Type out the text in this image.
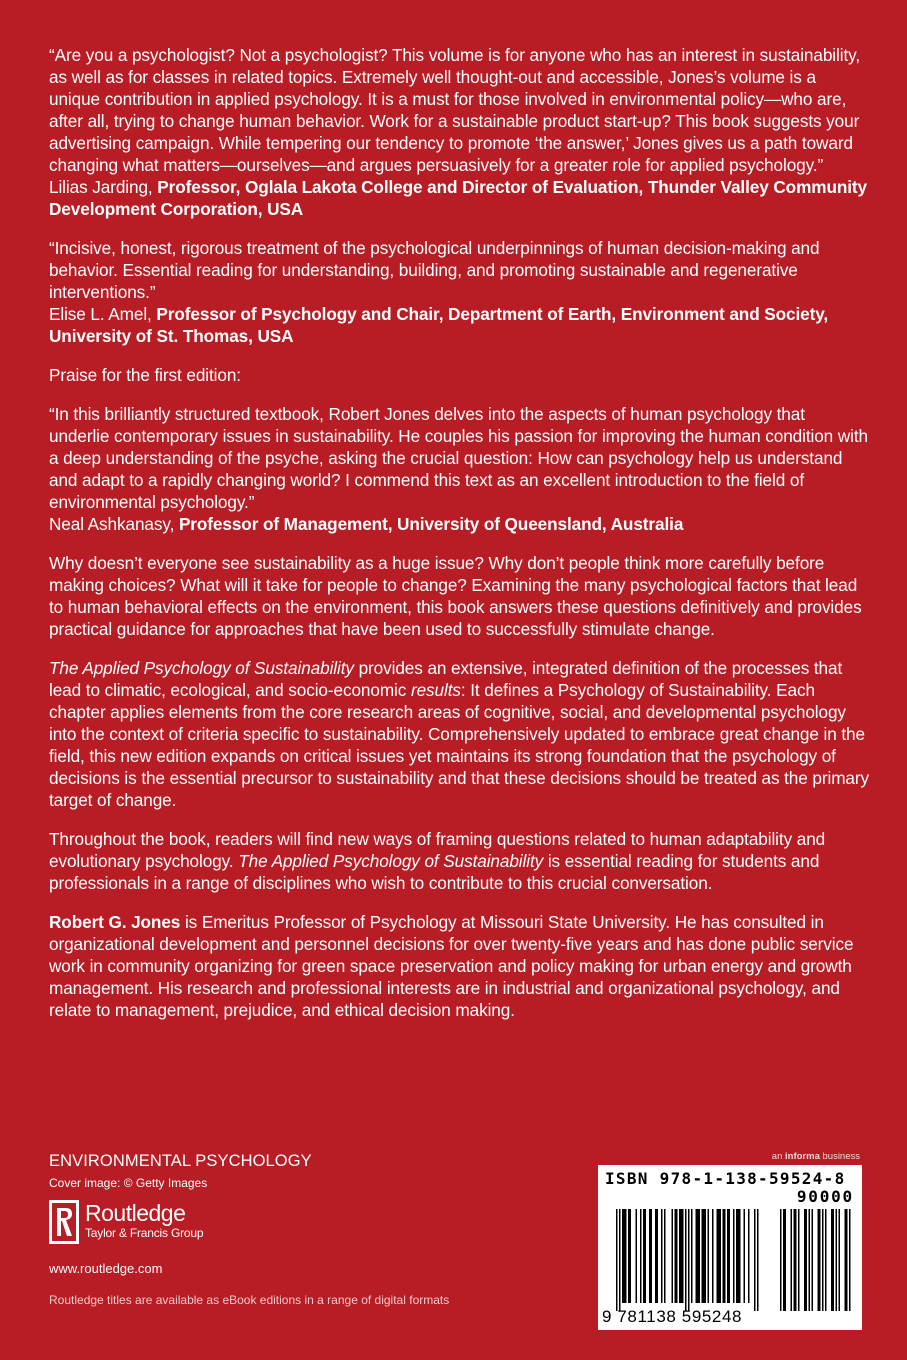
“Are you a psychologist? Not a psychologist? This volume is for anyone who has an interest in sustainability, as well as for classes in related topics. Extremely well thought-out and accessible, Jones’s volume is a unique contribution in applied psychology. It is a must for those involved in environmental policy—who are, after all, trying to change human behavior. Work for a sustainable product start-up? This book suggests your advertising campaign. While tempering our tendency to promote ‘the answer,’ Jones gives us a path toward changing what matters—ourselves—and argues persuasively for a greater role for applied psychology.”
Lilias Jarding, Professor, Oglala Lakota College and Director of Evaluation, Thunder Valley Community Development Corporation, USA

“Incisive, honest, rigorous treatment of the psychological underpinnings of human decision-making and behavior. Essential reading for understanding, building, and promoting sustainable and regenerative interventions.”
Elise L. Amel, Professor of Psychology and Chair, Department of Earth, Environment and Society, University of St. Thomas, USA

Praise for the first edition:

“In this brilliantly structured textbook, Robert Jones delves into the aspects of human psychology that underlie contemporary issues in sustainability. He couples his passion for improving the human condition with a deep understanding of the psyche, asking the crucial question: How can psychology help us understand and adapt to a rapidly changing world? I commend this text as an excellent introduction to the field of environmental psychology.”
Neal Ashkanasy, Professor of Management, University of Queensland, Australia

Why doesn’t everyone see sustainability as a huge issue? Why don’t people think more carefully before making choices? What will it take for people to change? Examining the many psychological factors that lead to human behavioral effects on the environment, this book answers these questions definitively and provides practical guidance for approaches that have been used to successfully stimulate change.

The Applied Psychology of Sustainability provides an extensive, integrated definition of the processes that lead to climatic, ecological, and socio-economic results: It defines a Psychology of Sustainability. Each chapter applies elements from the core research areas of cognitive, social, and developmental psychology into the context of criteria specific to sustainability. Comprehensively updated to embrace great change in the field, this new edition expands on critical issues yet maintains its strong foundation that the psychology of decisions is the essential precursor to sustainability and that these decisions should be treated as the primary target of change.

Throughout the book, readers will find new ways of framing questions related to human adaptability and evolutionary psychology. The Applied Psychology of Sustainability is essential reading for students and professionals in a range of disciplines who wish to contribute to this crucial conversation.

Robert G. Jones is Emeritus Professor of Psychology at Missouri State University. He has consulted in organizational development and personnel decisions for over twenty-five years and has done public service work in community organizing for green space preservation and policy making for urban energy and growth management. His research and professional interests are in industrial and organizational psychology, and relate to management, prejudice, and ethical decision making.

ENVIRONMENTAL PSYCHOLOGY
Cover image: © Getty Images
Routledge
Taylor & Francis Group
www.routledge.com
Routledge titles are available as eBook editions in a range of digital formats
an informa business
ISBN 978-1-138-59524-8
90000
9 781138 595248
